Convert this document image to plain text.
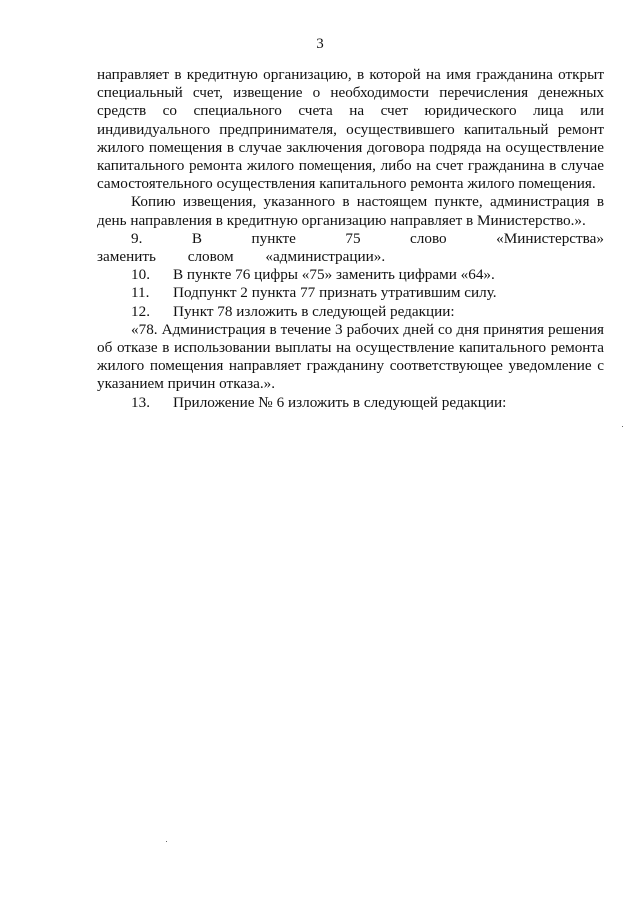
3

направляет в кредитную организацию, в которой на имя гражданина открыт специальный счет, извещение о необходимости перечисления денежных средств со специального счета на счет юридического лица или индивидуального предпринимателя, осуществившего капитальный ремонт жилого помещения в случае заключения договора подряда на осуществление капитального ремонта жилого помещения, либо на счет гражданина в случае самостоятельного осуществления капитального ремонта жилого помещения.

Копию извещения, указанного в настоящем пункте, администрация в день направления в кредитную организацию направляет в Министерство.».

9. В пункте 75 слово «Министерства» заменить словом «администрации».

10.	В пункте 76 цифры «75» заменить цифрами «64».
11.	Подпункт 2 пункта 77 признать утратившим силу.
12.	Пункт 78 изложить в следующей редакции:

«78. Администрация в течение 3 рабочих дней со дня принятия решения об отказе в использовании выплаты на осуществление капитального ремонта жилого помещения направляет гражданину соответствующее уведомление с указанием причин отказа.».

13.	Приложение № 6 изложить в следующей редакции:
